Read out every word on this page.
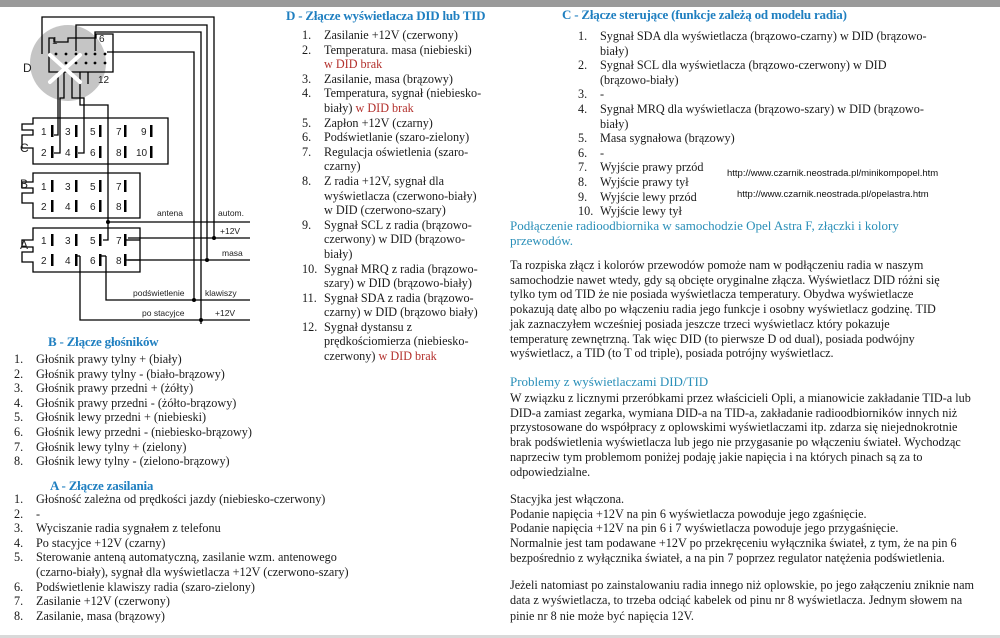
D
C
B
A
1	6
12
1
2
3
4
5
6
7
8
9
10
1
2
3
4
5
6
7
8
1
2
3
4
5
6
7
8
antena	autom.
+12V
masa
podświetlenie klawiszy
po stacyjce	+12V
D - Złącze wyświetlacza DID lub TID
1. Zasilanie +12V (czerwony)
2. Temperatura. masa (niebieski) w DID brak
3. Zasilanie, masa (brązowy)
4. Temperatura, sygnał (niebiesko-biały) w DID brak
5. Zapłon +12V (czarny)
6. Podświetlanie (szaro-zielony)
7. Regulacja oświetlenia (szaro-czarny)
8. Z radia +12V, sygnał dla wyświetlacza (czerwono-biały) w DID (czerwono-szary)
9. Sygnał SCL z radia (brązowo-czerwony) w DID (brązowo-biały)
10. Sygnał MRQ z radia (brązowo-szary) w DID (brązowo-biały)
11. Sygnał SDA z radia (brązowo-czarny) w DID (brązowo biały)
12. Sygnał dystansu z prędkościomierza (niebiesko-czerwony) w DID brak
C - Złącze sterujące (funkcje zależą od modelu radia)
1. Sygnał SDA dla wyświetlacza (brązowo-czarny) w DID (brązowo-biały)
2. Sygnał SCL dla wyświetlacza (brązowo-czerwony) w DID (brązowo-biały)
3. -
4. Sygnał MRQ dla wyświetlacza (brązowo-szary) w DID (brązowo-biały)
5. Masa sygnałowa (brązowy)
6. -
7. Wyjście prawy przód
8. Wyjście prawy tył
9. Wyjście lewy przód
10. Wyjście lewy tył
http://www.czarnik.neostrada.pl/minikompopel.htm
http://www.czarnik.neostrada.pl/opelastra.htm
Podłączenie radioodbiornika w samochodzie Opel Astra F, złączki i kolory przewodów.
Ta rozpiska złącz i kolorów przewodów pomoże nam w podłączeniu radia w naszym samochodzie nawet wtedy, gdy są obcięte oryginalne złącza. Wyświetlacz DID różni się tylko tym od TID że nie posiada wyświetlacza temperatury. Obydwa wyświetlacze pokazują datę albo po włączeniu radia jego funkcje i osobny wyświetlacz godzinę. TID jak zaznaczyłem wcześniej posiada jeszcze trzeci wyświetlacz który pokazuje temperaturę zewnętrzną. Tak więc DID (to pierwsze D od dual), posiada podwójny wyświetlacz, a TID (to T od triple), posiada potrójny wyświetlacz.
Problemy z wyświetlaczami DID/TID
W związku z licznymi przeróbkami przez właścicieli Opli, a mianowicie zakładanie TID-a lub DID-a zamiast zegarka, wymiana DID-a na TID-a, zakładanie radioodbiorników innych niż przystosowane do współpracy z oplowskimi wyświetlaczami itp. zdarza się niejednokrotnie brak podświetlenia wyświetlacza lub jego nie przygasanie po włączeniu świateł. Wychodząc naprzeciw tym problemom poniżej podaję jakie napięcia i na których pinach są za to odpowiedzialne.
Stacyjka jest włączona.
Podanie napięcia +12V na pin 6 wyświetlacza powoduje jego zgaśnięcie.
Podanie napięcia +12V na pin 6 i 7 wyświetlacza powoduje jego przygaśnięcie.
Normalnie jest tam podawane +12V po przekręceniu wyłącznika świateł, z tym, że na pin 6 bezpośrednio z wyłącznika świateł, a na pin 7 poprzez regulator natężenia podświetlenia.
Jeżeli natomiast po zainstalowaniu radia innego niż oplowskie, po jego załączeniu zniknie nam data z wyświetlacza, to trzeba odciąć kabelek od pinu nr 8 wyświetlacza. Jednym słowem na pinie nr 8 nie może być napięcia 12V.
B - Złącze głośników
1. Głośnik prawy tylny + (biały)
2. Głośnik prawy tylny - (biało-brązowy)
3. Głośnik prawy przedni + (żółty)
4. Głośnik prawy przedni - (żółto-brązowy)
5. Głośnik lewy przedni + (niebieski)
6. Głośnik lewy przedni - (niebiesko-brązowy)
7. Głośnik lewy tylny + (zielony)
8. Głośnik lewy tylny - (zielono-brązowy)
A - Złącze zasilania
1. Głośność zależna od prędkości jazdy (niebiesko-czerwony)
2. -
3. Wyciszanie radia sygnałem z telefonu
4. Po stacyjce +12V (czarny)
5. Sterowanie anteną automatyczną, zasilanie wzm. antenowego (czarno-biały), sygnał dla wyświetlacza +12V (czerwono-szary)
6. Podświetlenie klawiszy radia (szaro-zielony)
7. Zasilanie +12V (czerwony)
8. Zasilanie, masa (brązowy)
